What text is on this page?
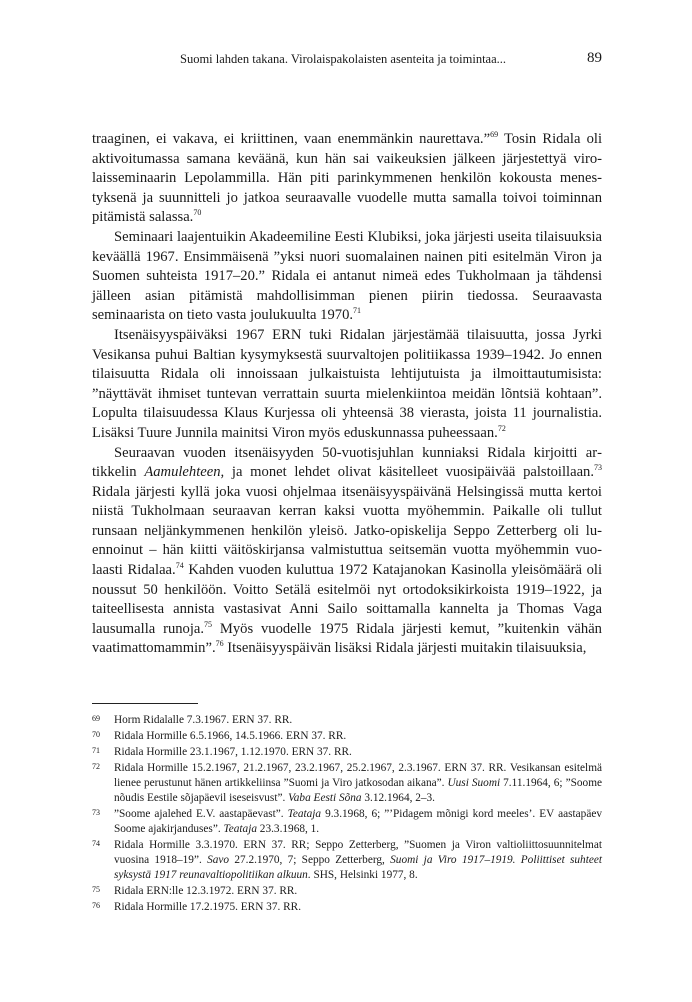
Suomi lahden takana. Virolaispakolaisten asenteita ja toimintaa...	89

traaginen, ei vakava, ei kriittinen, vaan enemmänkin naurettava.”$^{69}$ Tosin Ridala oli aktivoitumassa samana keväänä, kun hän sai vaikeuksien jälkeen järjestettyä virolaisseminaarin Lepolammilla. Hän piti parinkymmenen henkilön kokousta menestyksenä ja suunnitteli jo jatkoa seuraavalle vuodelle mutta samalla toivoi toiminnan pitämistä salassa.$^{70}$

Seminaari laajentuikin Akadeemiline Eesti Klubiksi, joka järjesti useita tilaisuuksia keväällä 1967. Ensimmäisenä ”yksi nuori suomalainen nainen piti esitelmän Viron ja Suomen suhteista 1917–20.” Ridala ei antanut nimeä edes Tukholmaan ja tähdensi jälleen asian pitämistä mahdollisimman pienen piirin tiedossa. Seuraavasta seminaarista on tieto vasta joulukuulta 1970.71

Itsenäisyyspäiväksi 1967 ERN tuki Ridalan järjestämää tilaisuutta, jossa Jyrki Vesikansa puhui Baltian kysymyksestä suurvaltojen politiikassa 1939–1942. Jo ennen tilaisuutta Ridala oli innoissaan julkaistuista lehtijutuista ja ilmoittautumisista: ”näyttävät ihmiset tuntevan verrattain suurta mielenkiintoa meidän lõntsiä kohtaan”. Lopulta tilaisuudessa Klaus Kurjessa oli yhteensä 38 vierasta, joista 11 journalistia. Lisäksi Tuure Junnila mainitsi Viron myös eduskunnassa puheessaan.$^{72}$

Seuraavan vuoden itsenäisyyden 50-vuotisjuhlan kunniaksi Ridala kirjoitti artikkelin Aamulehteen, ja monet lehdet olivat käsitelleet vuosipäivää palstoillaan.$^{73}$ Ridala järjesti kyllä joka vuosi ohjelmaa itsenäisyyspäivänä Helsingissä mutta kertoi niistä Tukholmaan seuraavan kerran kaksi vuotta myöhemmin. Paikalle oli tullut runsaan neljänkymmenen henkilön yleisö. Jatko-opiskelija Seppo Zetterberg oli luennoinut – hän kiitti väitöskirjansa valmistuttua seitsemän vuotta myöhemmin vuolaasti Ridalaa.$^{74}$ Kahden vuoden kuluttua 1972 Katajanokan Kasinolla yleisömäärä oli noussut 50 henkilöön. Voitto Setälä esitelmöi nyt ortodoksikirkoista 1919–1922, ja taiteellisesta annista vastasivat Anni Sailo soittamalla kannelta ja Thomas Vaga lausumalla runoja.$^{75}$ Myös vuodelle 1975 Ridala järjesti kemut, ”kuitenkin vähän vaatimattomammin”.$^{76}$ Itsenäisyyspäivän lisäksi Ridala järjesti muitakin tilaisuuksia,

69 Horm Ridalalle 7.3.1967. ERN 37. RR.
70 Ridala Hormille 6.5.1966, 14.5.1966. ERN 37. RR.
71 Ridala Hormille 23.1.1967, 1.12.1970. ERN 37. RR.
72 Ridala Hormille 15.2.1967, 21.2.1967, 23.2.1967, 25.2.1967, 2.3.1967. ERN 37. RR. Vesikansan esitelmä lienee perustunut hänen artikkeliinsa ”Suomi ja Viro jatkosodan aikana”. Uusi Suomi 7.11.1964, 6; ”Soome nõudis Eestile sõjapäevil iseseisvust”. Vaba Eesti Sõna 3.12.1964, 2–3.
73 ”Soome ajalehed E.V. aastapäevast”. Teataja 9.3.1968, 6; ”’Pidagem mõnigi kord meeles’. EV aastapäev Soome ajakirjanduses”. Teataja 23.3.1968, 1.
74 Ridala Hormille 3.3.1970. ERN 37. RR; Seppo Zetterberg, ”Suomen ja Viron valtioliittosuunnitelmat vuosina 1918–19”. Savo 27.2.1970, 7; Seppo Zetterberg, Suomi ja Viro 1917–1919. Poliittiset suhteet syksystä 1917 reunavaltiopolitiikan alkuun. SHS, Helsinki 1977, 8.
75 Ridala ERN:lle 12.3.1972. ERN 37. RR.
76 Ridala Hormille 17.2.1975. ERN 37. RR.
